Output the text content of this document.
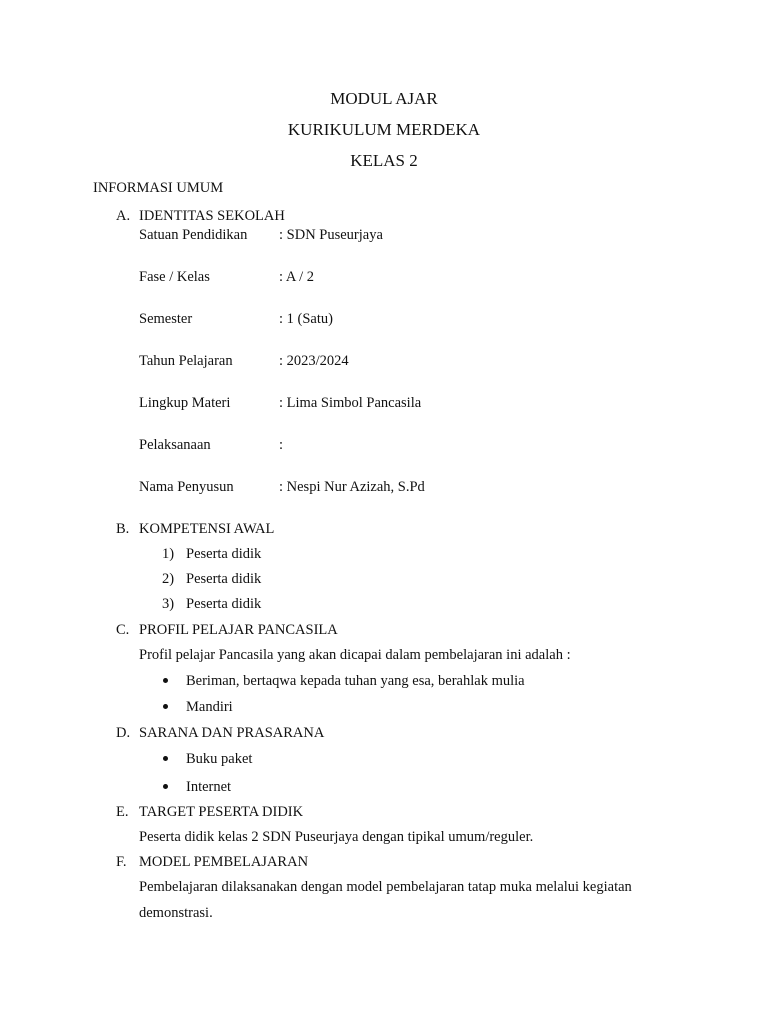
MODUL AJAR
KURIKULUM MERDEKA
KELAS 2
INFORMASI UMUM
A. IDENTITAS SEKOLAH
Satuan Pendidikan : SDN Puseurjaya
Fase / Kelas	: A / 2
Semester	: 1 (Satu)
Tahun Pelajaran	: 2023/2024
Lingkup Materi	: Lima Simbol Pancasila
Pelaksanaan	:
Nama Penyusun	: Nespi Nur Azizah, S.Pd
B. KOMPETENSI AWAL
1) Peserta didik
2) Peserta didik
3) Peserta didik
C. PROFIL PELAJAR PANCASILA
Profil pelajar Pancasila yang akan dicapai dalam pembelajaran ini adalah :
Beriman, bertaqwa kepada tuhan yang esa, berahlak mulia
Mandiri
D. SARANA DAN PRASARANA
Buku paket
Internet
E. TARGET PESERTA DIDIK
Peserta didik kelas 2 SDN Puseurjaya dengan tipikal umum/reguler.
F. MODEL PEMBELAJARAN
Pembelajaran dilaksanakan dengan model pembelajaran tatap muka melalui kegiatan
demonstrasi.
